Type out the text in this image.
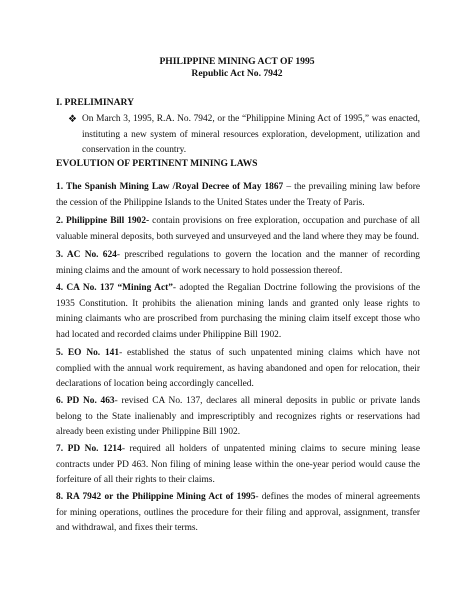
PHILIPPINE MINING ACT OF 1995
Republic Act No. 7942
I. PRELIMINARY
❖ On March 3, 1995, R.A. No. 7942, or the “Philippine Mining Act of 1995,” was enacted, instituting a new system of mineral resources exploration, development, utilization and conservation in the country.
EVOLUTION OF PERTINENT MINING LAWS
1. The Spanish Mining Law /Royal Decree of May 1867 – the prevailing mining law before the cession of the Philippine Islands to the United States under the Treaty of Paris.
2. Philippine Bill 1902- contain provisions on free exploration, occupation and purchase of all valuable mineral deposits, both surveyed and unsurveyed and the land where they may be found.
3. AC No. 624- prescribed regulations to govern the location and the manner of recording mining claims and the amount of work necessary to hold possession thereof.
4. CA No. 137 “Mining Act”- adopted the Regalian Doctrine following the provisions of the 1935 Constitution. It prohibits the alienation mining lands and granted only lease rights to mining claimants who are proscribed from purchasing the mining claim itself except those who had located and recorded claims under Philippine Bill 1902.
5. EO No. 141- established the status of such unpatented mining claims which have not complied with the annual work requirement, as having abandoned and open for relocation, their declarations of location being accordingly cancelled.
6. PD No. 463- revised CA No. 137, declares all mineral deposits in public or private lands belong to the State inalienably and imprescriptibly and recognizes rights or reservations had already been existing under Philippine Bill 1902.
7. PD No. 1214- required all holders of unpatented mining claims to secure mining lease contracts under PD 463. Non filing of mining lease within the one-year period would cause the forfeiture of all their rights to their claims.
8. RA 7942 or the Philippine Mining Act of 1995- defines the modes of mineral agreements for mining operations, outlines the procedure for their filing and approval, assignment, transfer and withdrawal, and fixes their terms.
